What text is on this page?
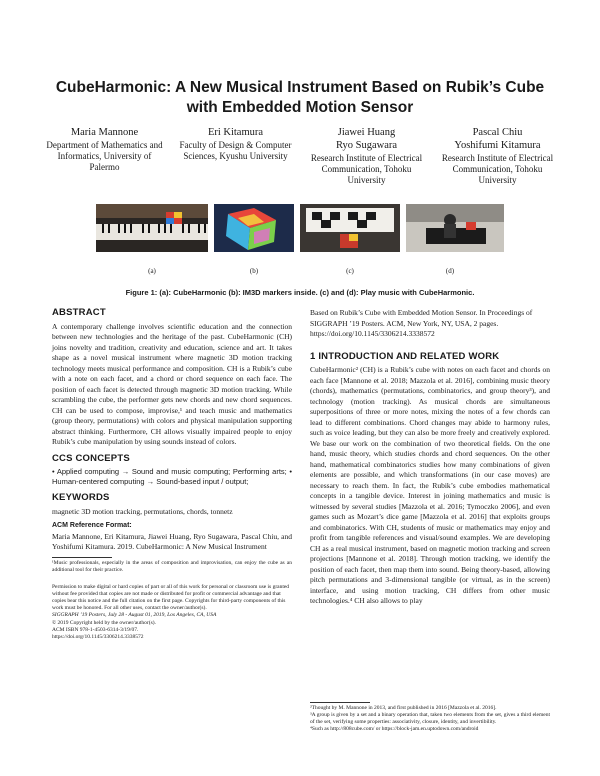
CubeHarmonic: A New Musical Instrument Based on Rubik’s Cube with Embedded Motion Sensor
Maria Mannone
Department of Mathematics and Informatics, University of Palermo
Eri Kitamura
Faculty of Design & Computer Sciences, Kyushu University
Jiawei Huang
Ryo Sugawara
Research Institute of Electrical Communication, Tohoku University
Pascal Chiu
Yoshifumi Kitamura
Research Institute of Electrical Communication, Tohoku University
(a)	(b)	(c)	(d)
Figure 1: (a): CubeHarmonic (b): IM3D markers inside. (c) and (d): Play music with CubeHarmonic.
ABSTRACT

A contemporary challenge involves scientific education and the connection between new technologies and the heritage of the past. CubeHarmonic (CH) joins novelty and tradition, creativity and education, science and art. It takes shape as a novel musical instrument where magnetic 3D motion tracking technology meets musical performance and composition. CH is a Rubik’s cube with a note on each facet, and a chord or chord sequence on each face. The position of each facet is detected through magnetic 3D motion tracking. While scrambling the cube, the performer gets new chords and new chord sequences. CH can be used to compose, improvise,¹ and teach music and mathematics (group theory, permutations) with colors and physical manipulation supporting abstract thinking. Furthermore, CH allows visually impaired people to enjoy Rubik’s cube manipulation by using sounds instead of colors.

CCS CONCEPTS

• Applied computing → Sound and music computing; Performing arts; • Human-centered computing → Sound-based input / output;

KEYWORDS

magnetic 3D motion tracking, permutations, chords, tonnetz

ACM Reference Format:

Maria Mannone, Eri Kitamura, Jiawei Huang, Ryo Sugawara, Pascal Chiu, and Yoshifumi Kitamura. 2019. CubeHarmonic: A New Musical Instrument

¹Music professionals, especially in the areas of composition and improvisation, can enjoy the cube as an additional tool for their practice.

Permission to make digital or hard copies of part or all of this work for personal or classroom use is granted without fee provided that copies are not made or distributed for profit or commercial advantage and that copies bear this notice and the full citation on the first page. Copyrights for third-party components of this work must be honored. For all other uses, contact the owner/author(s).
SIGGRAPH ’19 Posters, July 28 - August 01, 2019, Los Angeles, CA, USA
© 2019 Copyright held by the owner/author(s).
ACM ISBN 978-1-4503-6314-3/19/07.
https://doi.org/10.1145/3306214.3338572

Based on Rubik’s Cube with Embedded Motion Sensor. In Proceedings of SIGGRAPH ’19 Posters. ACM, New York, NY, USA, 2 pages. https://doi.org/10.1145/3306214.3338572

1 INTRODUCTION AND RELATED WORK

CubeHarmonic² (CH) is a Rubik’s cube with notes on each facet and chords on each face [Mannone et al. 2018; Mazzola et al. 2016], combining music theory (chords), mathematics (permutations, combinatorics, and group theory³), and technology (motion tracking). As musical chords are simultaneous superpositions of three or more notes, mixing the notes of a few chords can lead to different combinations. Chord changes may abide to harmony rules, such as voice leading, but they can also be more freely and creatively explored. We base our work on the combination of two theoretical fields. On the one hand, music theory, which studies chords and chord sequences. On the other hand, mathematical combinatorics studies how many combinations of given elements are possible, and which transformations (in our case moves) are necessary to reach them. In fact, the Rubik’s cube embodies mathematical concepts in a tangible device. Interest in joining mathematics and music is witnessed by several studies [Mazzola et al. 2016; Tymoczko 2006], and even games such as Mozart’s dice game [Mazzola et al. 2016] that exploits groups and combinatorics. With CH, students of music or mathematics may enjoy and profit from tangible references and visual/sound examples. We are developing CH as a real musical instrument, based on magnetic motion tracking and screen projections [Mannone et al. 2018]. Through motion tracking, we identify the position of each facet, then map them into sound. Being theory-based, allowing pitch permutations and 3-dimensional tangible (or virtual, as in the screen) interface, and using motion tracking, CH differs from other music technologies.⁴ CH also allows to play

²Thought by M. Mannone in 2013, and first published in 2016 [Mazzola et al. 2016].

³A group is given by a set and a binary operation that, taken two elements from the set, gives a third element of the set, verifying some properties: associativity, closure, identity, and invertibility.

⁴Such as http://808cube.com/ or https://block-jam.en.uptodown.com/android
